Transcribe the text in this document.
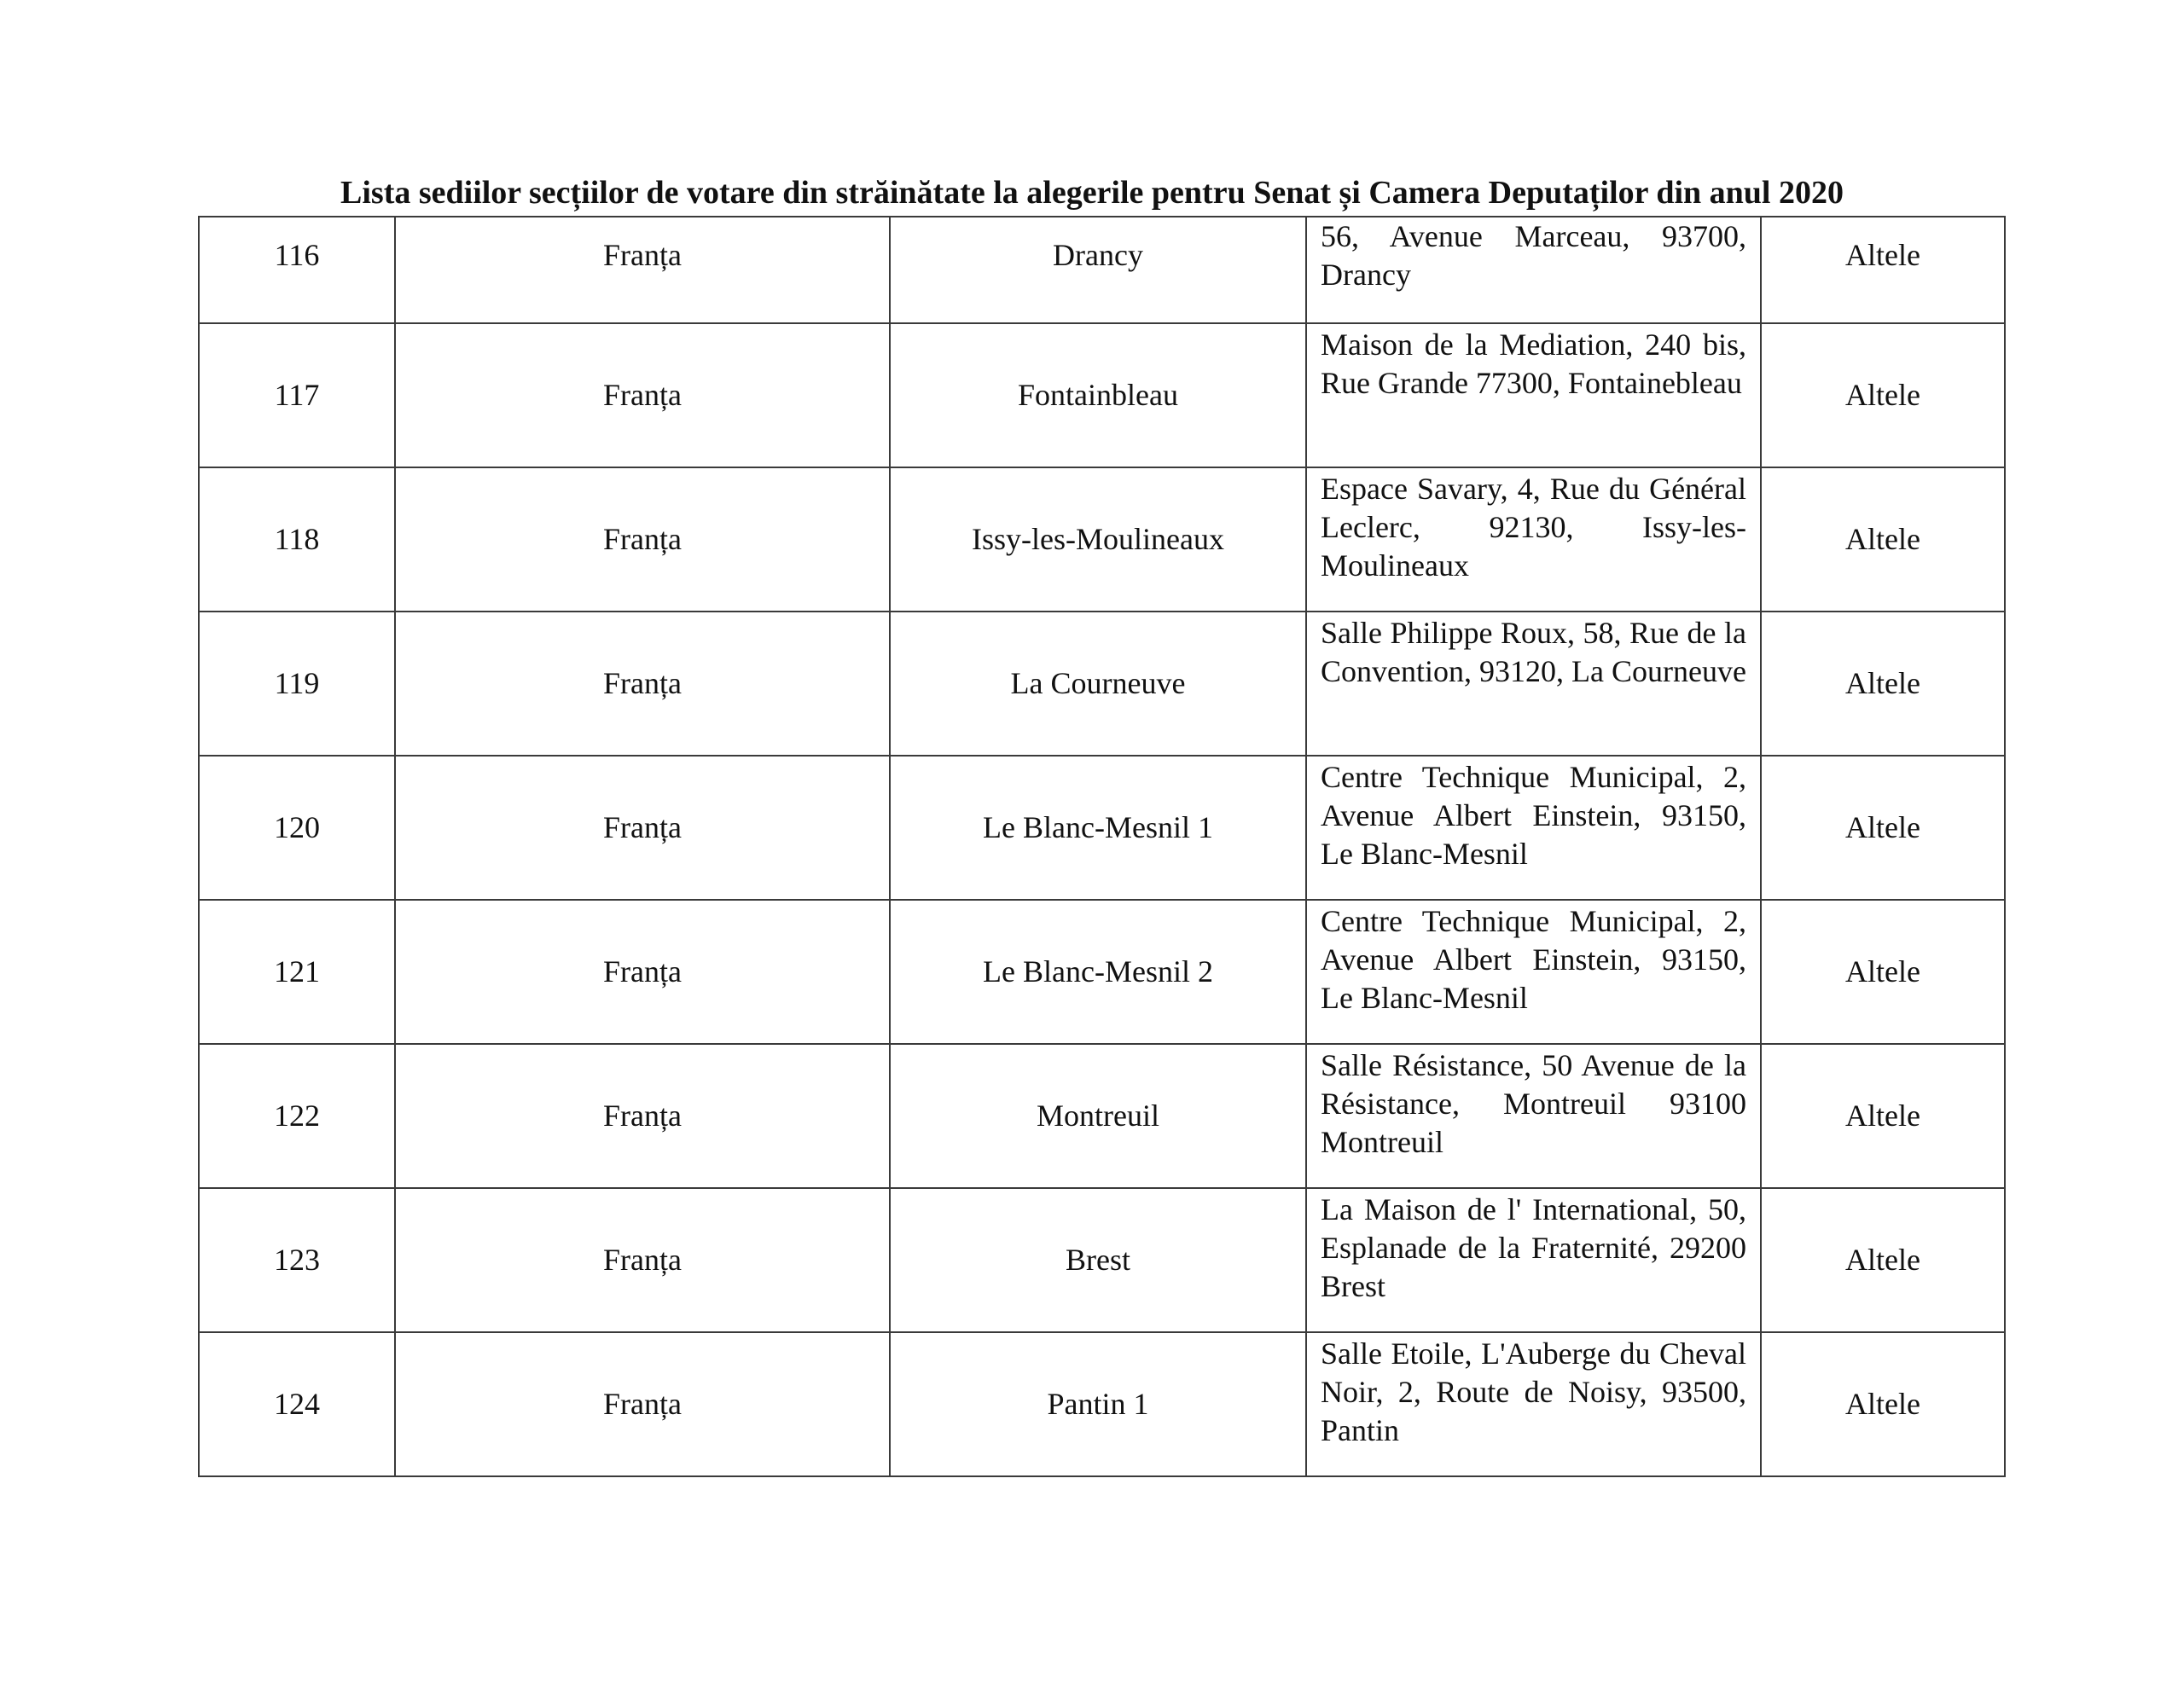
Lista sediilor secțiilor de votare din străinătate la alegerile pentru Senat și Camera Deputaților din anul 2020
116	Franța	Drancy	56, Avenue Marceau, 93700, Drancy	Altele
117	Franța	Fontainbleau	Maison de la Mediation, 240 bis, Rue Grande 77300, Fontainebleau	Altele
118	Franța	Issy-les-Moulineaux	Espace Savary, 4, Rue du Général Leclerc, 92130, Issy-les-Moulineaux	Altele
119	Franța	La Courneuve	Salle Philippe Roux, 58, Rue de la Convention, 93120, La Courneuve	Altele
120	Franța	Le Blanc-Mesnil 1	Centre Technique Municipal, 2, Avenue Albert Einstein, 93150, Le Blanc-Mesnil	Altele
121	Franța	Le Blanc-Mesnil 2	Centre Technique Municipal, 2, Avenue Albert Einstein, 93150, Le Blanc-Mesnil	Altele
122	Franța	Montreuil	Salle Résistance, 50 Avenue de la Résistance, Montreuil 93100 Montreuil	Altele
123	Franța	Brest	La Maison de l' International, 50, Esplanade de la Fraternité, 29200 Brest	Altele
124	Franța	Pantin 1	Salle Etoile, L'Auberge du Cheval Noir, 2, Route de Noisy, 93500, Pantin	Altele
